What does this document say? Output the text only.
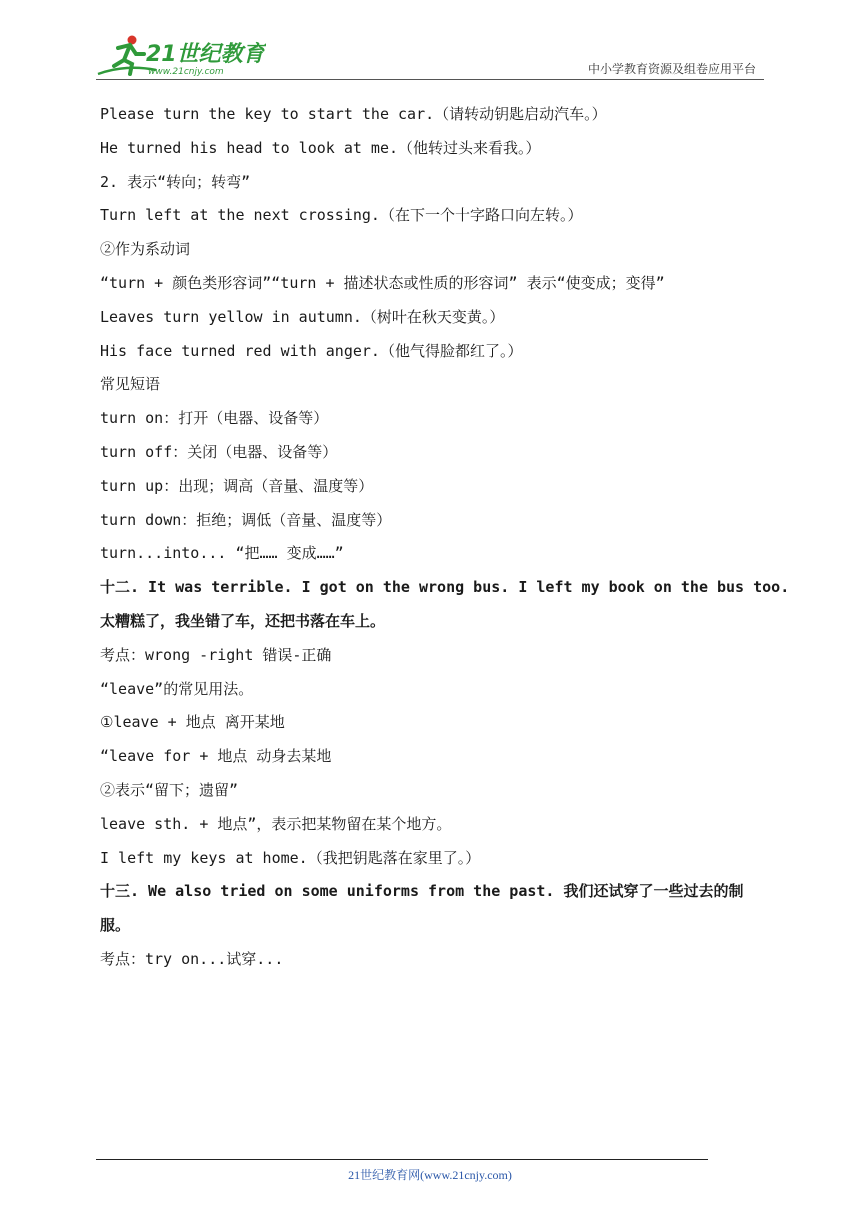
21世纪教育
www.21cnjy.com	中小学教育资源及组卷应用平台
Please turn the key to start the car.（请转动钥匙启动汽车。）
He turned his head to look at me.（他转过头来看我。）
2. 表示“转向；转弯”
Turn left at the next crossing.（在下一个十字路口向左转。）
②作为系动词
“turn + 颜色类形容词”“turn + 描述状态或性质的形容词” 表示“使变成；变得”
Leaves turn yellow in autumn.（树叶在秋天变黄。）
His face turned red with anger.（他气得脸都红了。）
常见短语
turn on：打开（电器、设备等）
turn off：关闭（电器、设备等）
turn up：出现；调高（音量、温度等）
turn down：拒绝；调低（音量、温度等）
turn...into... “把…… 变成……”
十二. It was terrible. I got on the wrong bus. I left my book on the bus too.
太糟糕了，我坐错了车，还把书落在车上。
考点：wrong -right 错误-正确
“leave”的常见用法。
①leave + 地点 离开某地
“leave for + 地点 动身去某地
②表示“留下；遗留”
leave sth. + 地点”，表示把某物留在某个地方。
I left my keys at home.（我把钥匙落在家里了。）
十三. We also tried on some uniforms from the past. 我们还试穿了一些过去的制
服。
考点：try on...试穿...
21世纪教育网(www.21cnjy.com)
